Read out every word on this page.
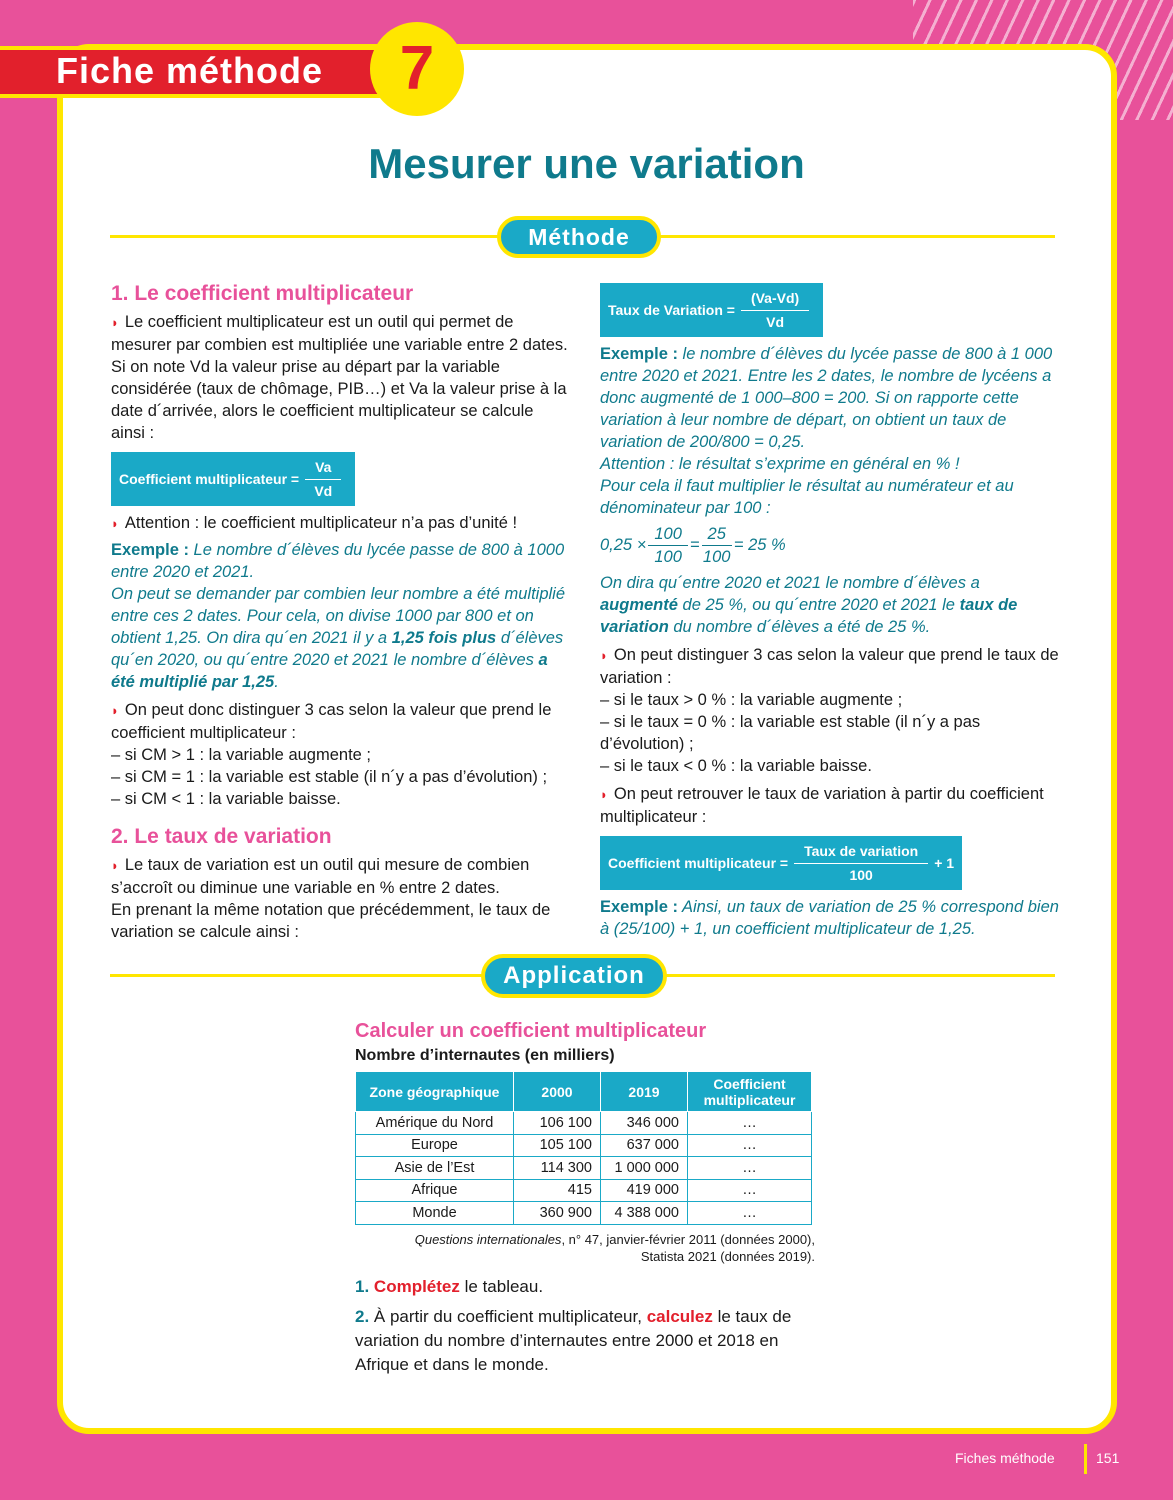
Fiche méthode	7
Mesurer une variation
Méthode
1. Le coefficient multiplicateur

◗ Le coefficient multiplicateur est un outil qui permet de mesurer par combien est multipliée une variable entre 2 dates. Si on note Vd la valeur prise au départ par la variable considérée (taux de chômage, PIB…) et Va la valeur prise à la date d´arrivée, alors le coefficient multiplicateur se calcule ainsi :

Coefficient multiplicateur = $\frac{Va}{Vd}$

◗ Attention : le coefficient multiplicateur n’a pas d’unité !

Exemple : Le nombre d´élèves du lycée passe de 800 à 1000 entre 2020 et 2021.
On peut se demander par combien leur nombre a été multiplié entre ces 2 dates. Pour cela, on divise 1000 par 800 et on obtient 1,25. On dira qu´en 2021 il y a 1,25 fois plus d´élèves qu´en 2020, ou qu´entre 2020 et 2021 le nombre d´élèves a été multiplié par 1,25.

◗ On peut donc distinguer 3 cas selon la valeur que prend le coefficient multiplicateur :
– si CM > 1 : la variable augmente ;
– si CM = 1 : la variable est stable (il n´y a pas d’évolution) ;
– si CM < 1 : la variable baisse.

2. Le taux de variation

◗ Le taux de variation est un outil qui mesure de combien s’accroît ou diminue une variable en % entre 2 dates.
En prenant la même notation que précédemment, le taux de variation se calcule ainsi :

Taux de Variation = $\frac{(Va-Vd)}{Vd}$

Exemple : le nombre d´élèves du lycée passe de 800 à 1 000 entre 2020 et 2021. Entre les 2 dates, le nombre de lycéens a donc augmenté de 1 000–800 = 200. Si on rapporte cette variation à leur nombre de départ, on obtient un taux de variation de 200/800 = 0,25.
Attention : le résultat s’exprime en général en % !
Pour cela il faut multiplier le résultat au numérateur et au dénominateur par 100 :

$0,25 \times \frac{100}{100} = \frac{25}{100} = 25$ %

On dira qu´entre 2020 et 2021 le nombre d´élèves a augmenté de 25 %, ou qu´entre 2020 et 2021 le taux de variation du nombre d´élèves a été de 25 %.

◗ On peut distinguer 3 cas selon la valeur que prend le taux de variation :
– si le taux > 0 % : la variable augmente ;
– si le taux = 0 % : la variable est stable (il n´y a pas d’évolution) ;
– si le taux < 0 % : la variable baisse.

◗ On peut retrouver le taux de variation à partir du coefficient multiplicateur :

Coefficient multiplicateur = $\frac{\text{Taux de variation}}{100} + 1$

Exemple : Ainsi, un taux de variation de 25 % correspond bien à (25/100) + 1, un coefficient multiplicateur de 1,25.

Application
Calculer un coefficient multiplicateur
Nombre d’internautes (en milliers)
Zone géographique	2000	2019	Coefficient multiplicateur
Amérique du Nord	106 100	346 000	…
Europe	105 100	637 000	…
Asie de l’Est	114 300	1 000 000	…
Afrique	415	419 000	…
Monde	360 900	4 388 000	…
Questions internationales, n° 47, janvier-février 2011 (données 2000),
Statista 2021 (données 2019).
1. Complétez le tableau.
2. À partir du coefficient multiplicateur, calculez le taux de variation du nombre d’internautes entre 2000 et 2018 en Afrique et dans le monde.
Fiches méthode	151
